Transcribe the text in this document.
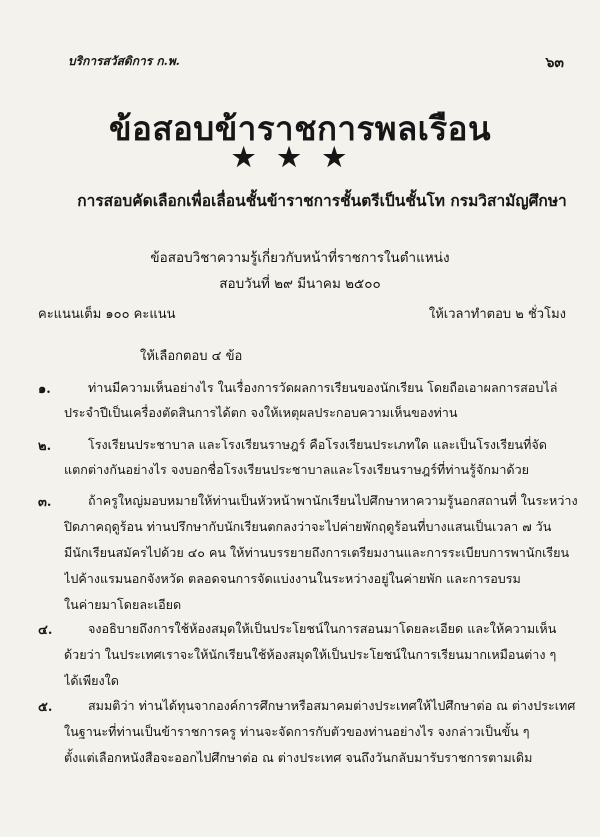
บริการสวัสดิการ ก.พ.	๖๓
ข้อสอบข้าราชการพลเรือน
★★★
การสอบคัดเลือกเพื่อเลื่อนชั้นข้าราชการชั้นตรีเป็นชั้นโท กรมวิสามัญศึกษา
ข้อสอบวิชาความรู้เกี่ยวกับหน้าที่ราชการในตำแหน่ง
สอบวันที่ ๒๙ มีนาคม ๒๕๐๐
คะแนนเต็ม ๑๐๐ คะแนน	ให้เวลาทำตอบ ๒ ชั่วโมง
ให้เลือกตอบ ๔ ข้อ
๑.	ท่านมีความเห็นอย่างไร ในเรื่องการวัดผลการเรียนของนักเรียน โดยถือเอาผลการสอบไล่
ประจำปีเป็นเครื่องตัดสินการได้ตก จงให้เหตุผลประกอบความเห็นของท่าน
๒.	โรงเรียนประชาบาล และโรงเรียนราษฎร์ คือโรงเรียนประเภทใด และเป็นโรงเรียนที่จัด
แตกต่างกันอย่างไร จงบอกชื่อโรงเรียนประชาบาลและโรงเรียนราษฎร์ที่ท่านรู้จักมาด้วย
๓.	ถ้าครูใหญ่มอบหมายให้ท่านเป็นหัวหน้าพานักเรียนไปศึกษาหาความรู้นอกสถานที่ ในระหว่าง
ปิดภาคฤดูร้อน ท่านปรึกษากับนักเรียนตกลงว่าจะไปค่ายพักฤดูร้อนที่บางแสนเป็นเวลา ๗ วัน
มีนักเรียนสมัครไปด้วย ๔๐ คน ให้ท่านบรรยายถึงการเตรียมงานและการระเบียบการพานักเรียน
ไปค้างแรมนอกจังหวัด ตลอดจนการจัดแบ่งงานในระหว่างอยู่ในค่ายพัก และการอบรม
ในค่ายมาโดยละเอียด
๔.	จงอธิบายถึงการใช้ห้องสมุดให้เป็นประโยชน์ในการสอนมาโดยละเอียด และให้ความเห็น
ด้วยว่า ในประเทศเราจะให้นักเรียนใช้ห้องสมุดให้เป็นประโยชน์ในการเรียนมากเหมือนต่าง ๆ
ได้เพียงใด
๕.	สมมติว่า ท่านได้ทุนจากองค์การศึกษาหรือสมาคมต่างประเทศให้ไปศึกษาต่อ ณ ต่างประเทศ
ในฐานะที่ท่านเป็นข้าราชการครู ท่านจะจัดการกับตัวของท่านอย่างไร จงกล่าวเป็นขั้น ๆ
ตั้งแต่เลือกหนังสือจะออกไปศึกษาต่อ ณ ต่างประเทศ จนถึงวันกลับมารับราชการตามเดิม
